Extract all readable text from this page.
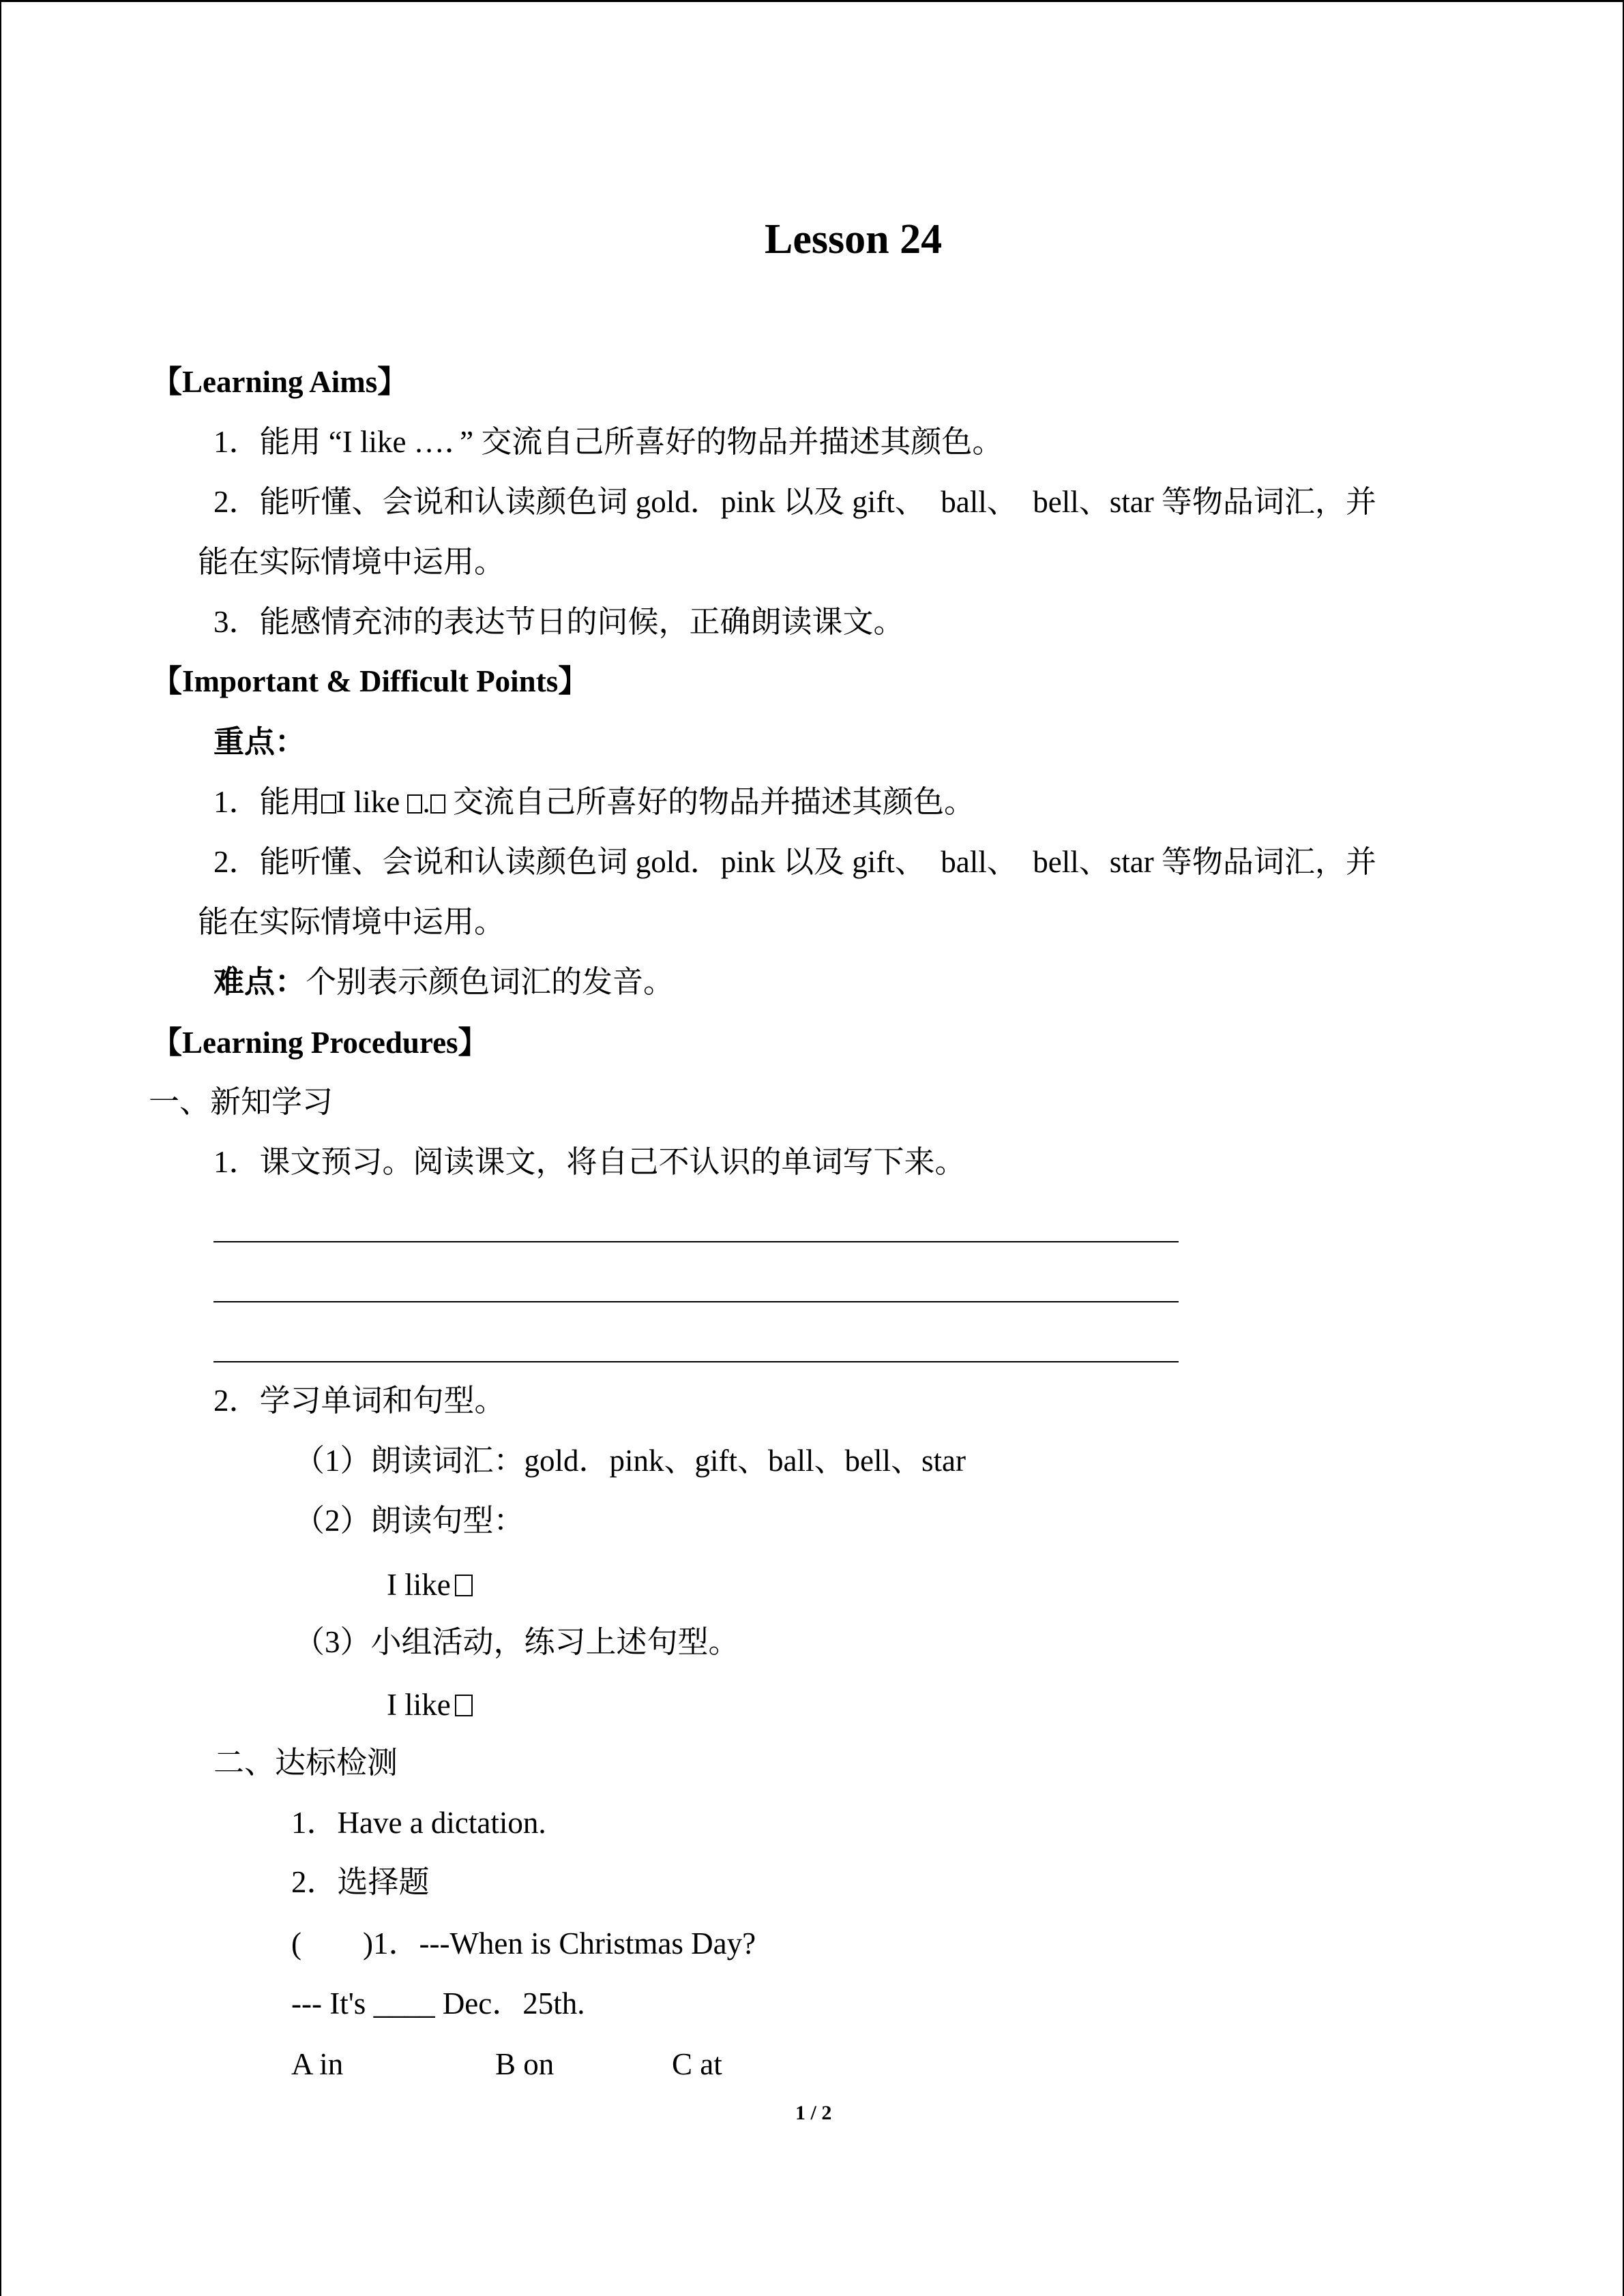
Lesson 24
【Learning Aims】
1．能用 “I like …．” 交流自己所喜好的物品并描述其颜色。
2．能听懂、会说和认读颜色词 gold．pink 以及 gift、　ball、　bell、star 等物品词汇，并
能在实际情境中运用。
3．能感情充沛的表达节日的问候，正确朗读课文。
【Important & Difficult Points】
重点：
1．能用 I like . 交流自己所喜好的物品并描述其颜色。
2．能听懂、会说和认读颜色词 gold．pink 以及 gift、　ball、　bell、star 等物品词汇，并
能在实际情境中运用。
难点：个别表示颜色词汇的发音。
【Learning Procedures】
一、新知学习
1．课文预习。阅读课文，将自己不认识的单词写下来。
2．学习单词和句型。
（1）朗读词汇：gold．pink、gift、ball、bell、star
（2）朗读句型：
I like
（3）小组活动，练习上述句型。
I like
二、达标检测
1．Have a dictation.
2．选择题
(　　)1．---When is Christmas Day?
--- It's ____ Dec．25th.
A in	B on	C at
1 / 2
